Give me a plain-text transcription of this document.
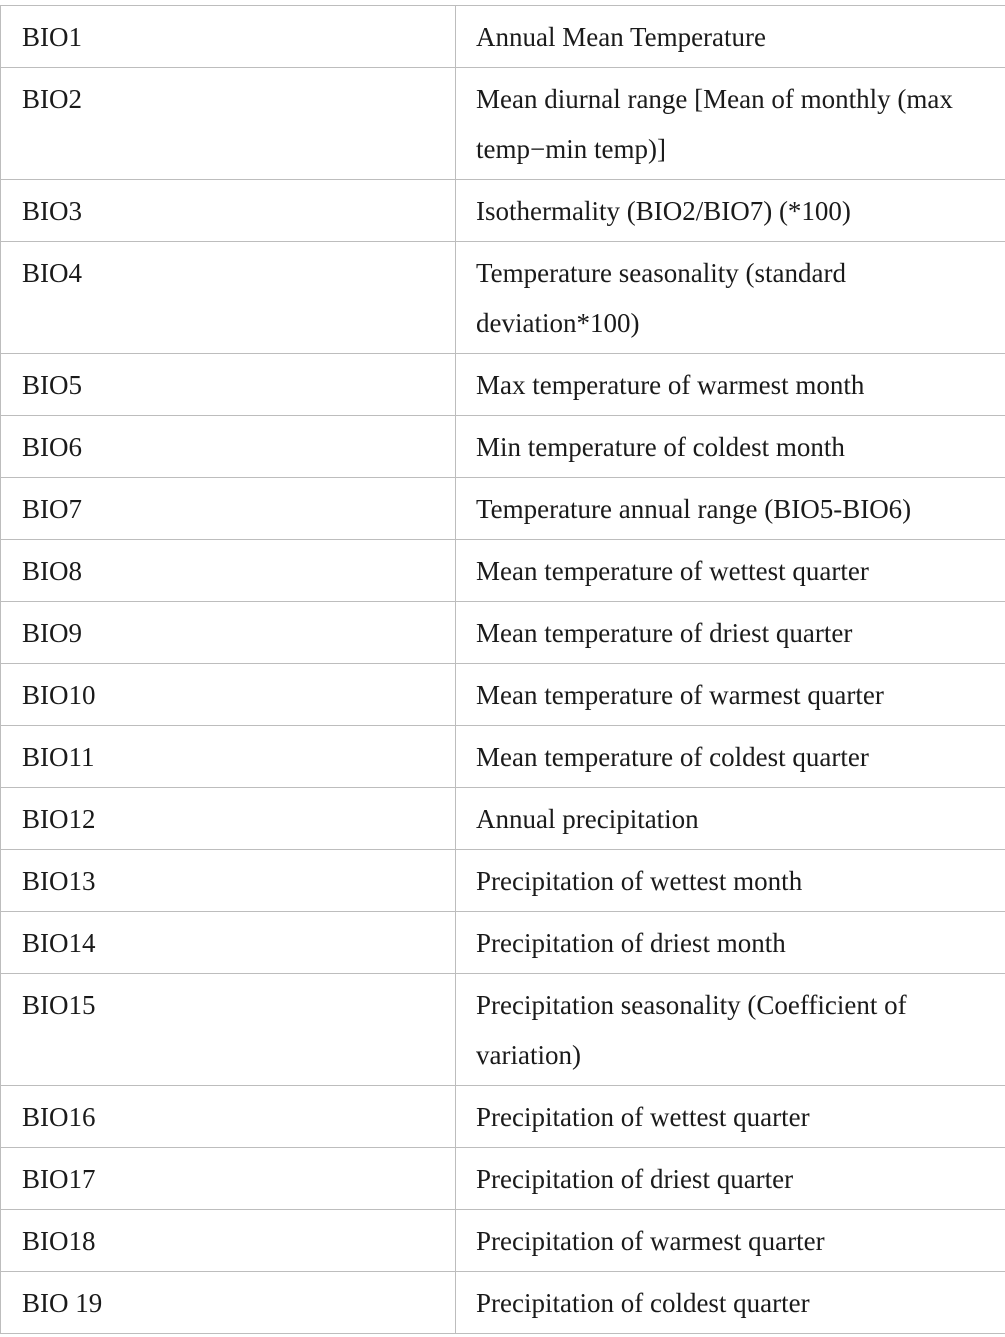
BIO1	Annual Mean Temperature
BIO2	Mean diurnal range [Mean of monthly (max temp−min temp)]
BIO3	Isothermality (BIO2/BIO7) (*100)
BIO4	Temperature seasonality (standard deviation*100)
BIO5	Max temperature of warmest month
BIO6	Min temperature of coldest month
BIO7	Temperature annual range (BIO5-BIO6)
BIO8	Mean temperature of wettest quarter
BIO9	Mean temperature of driest quarter
BIO10	Mean temperature of warmest quarter
BIO11	Mean temperature of coldest quarter
BIO12	Annual precipitation
BIO13	Precipitation of wettest month
BIO14	Precipitation of driest month
BIO15	Precipitation seasonality (Coefficient of variation)
BIO16	Precipitation of wettest quarter
BIO17	Precipitation of driest quarter
BIO18	Precipitation of warmest quarter
BIO 19	Precipitation of coldest quarter
